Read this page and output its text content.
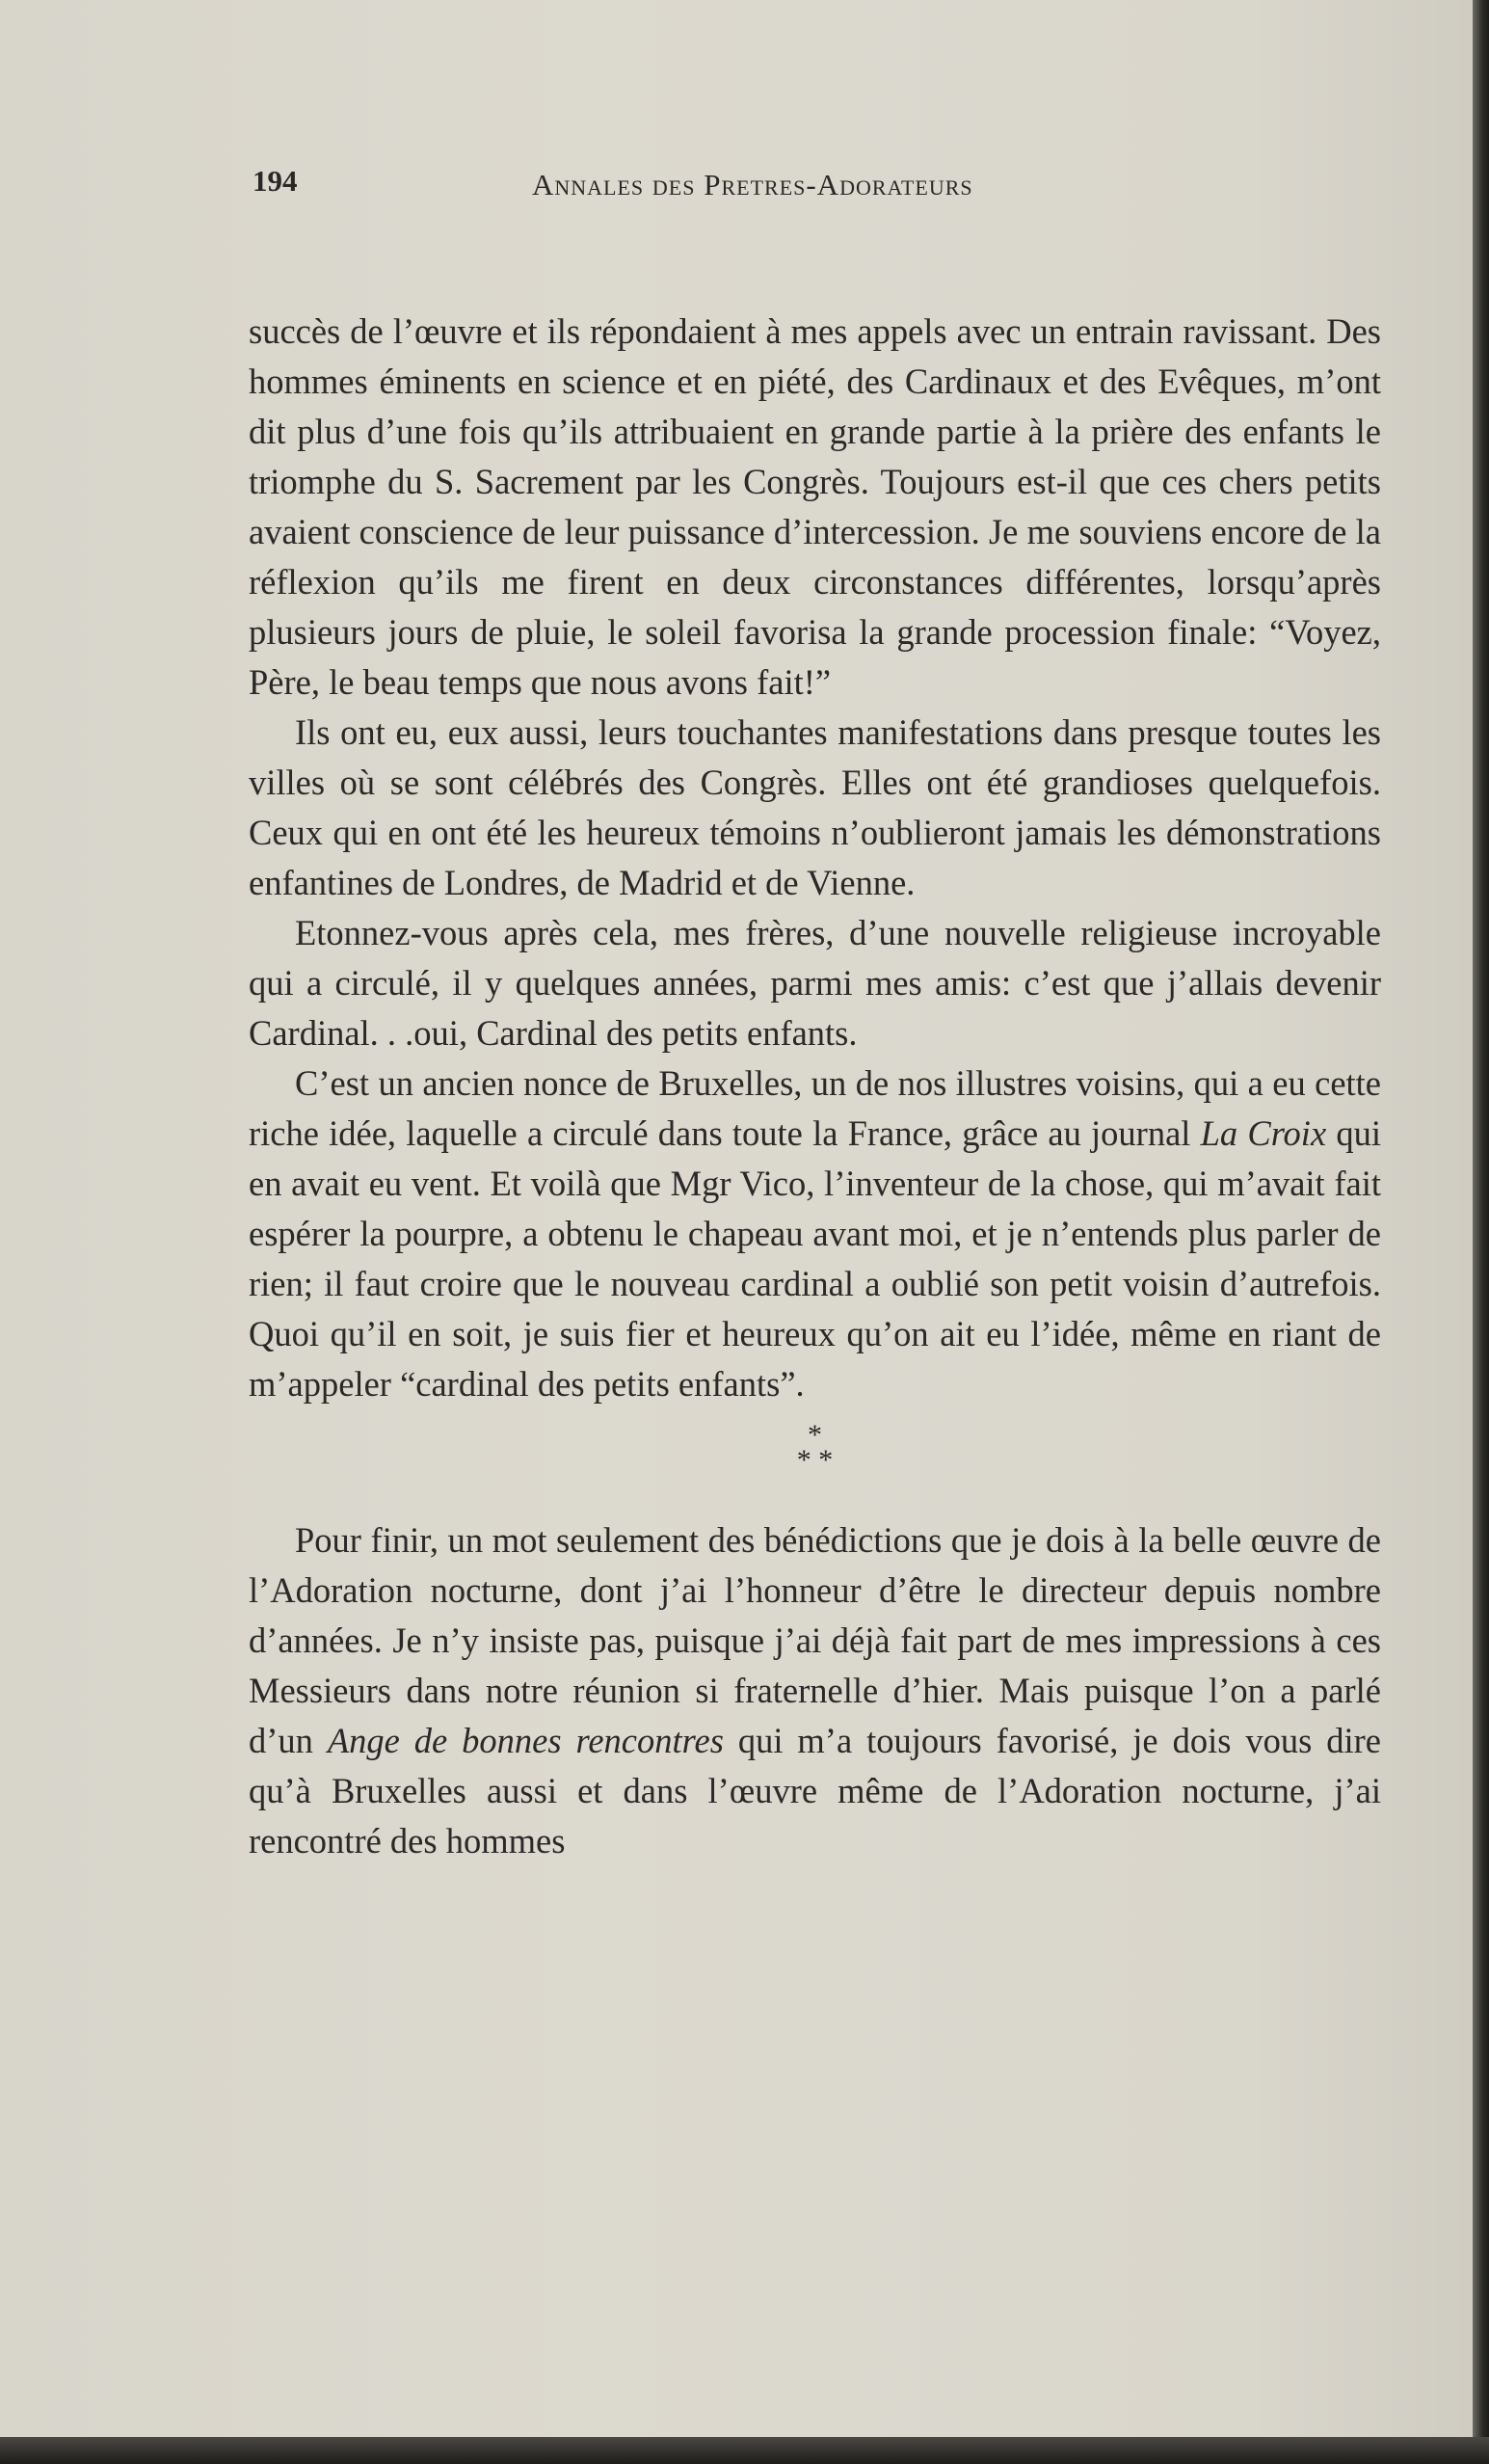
194	Annales des Pretres-Adorateurs

succès de l’œuvre et ils répondaient à mes appels avec un entrain ravissant. Des hommes éminents en science et en piété, des Cardinaux et des Evêques, m’ont dit plus d’une fois qu’ils attribuaient en grande partie à la prière des enfants le triomphe du S. Sacrement par les Congrès. Toujours est-il que ces chers petits avaient conscience de leur puissance d’intercession. Je me souviens encore de la réflexion qu’ils me firent en deux circonstances différentes, lorsqu’après plusieurs jours de pluie, le soleil favorisa la grande procession finale: “Voyez, Père, le beau temps que nous avons fait!”

Ils ont eu, eux aussi, leurs touchantes manifestations dans presque toutes les villes où se sont célébrés des Congrès. Elles ont été grandioses quelquefois. Ceux qui en ont été les heureux témoins n’oublieront jamais les démonstrations enfantines de Londres, de Madrid et de Vienne.

Etonnez-vous après cela, mes frères, d’une nouvelle religieuse incroyable qui a circulé, il y quelques années, parmi mes amis: c’est que j’allais devenir Cardinal. . .oui, Cardinal des petits enfants.

C’est un ancien nonce de Bruxelles, un de nos illustres voisins, qui a eu cette riche idée, laquelle a circulé dans toute la France, grâce au journal La Croix qui en avait eu vent. Et voilà que Mgr Vico, l’inventeur de la chose, qui m’avait fait espérer la pourpre, a obtenu le chapeau avant moi, et je n’entends plus parler de rien; il faut croire que le nouveau cardinal a oublié son petit voisin d’autrefois. Quoi qu’il en soit, je suis fier et heureux qu’on ait eu l’idée, même en riant de m’appeler “cardinal des petits enfants”.

*
* *

Pour finir, un mot seulement des bénédictions que je dois à la belle œuvre de l’Adoration nocturne, dont j’ai l’honneur d’être le directeur depuis nombre d’années. Je n’y insiste pas, puisque j’ai déjà fait part de mes impressions à ces Messieurs dans notre réunion si fraternelle d’hier. Mais puisque l’on a parlé d’un Ange de bonnes rencontres qui m’a toujours favorisé, je dois vous dire qu’à Bruxelles aussi et dans l’œuvre même de l’Adoration nocturne, j’ai rencontré des hommes
